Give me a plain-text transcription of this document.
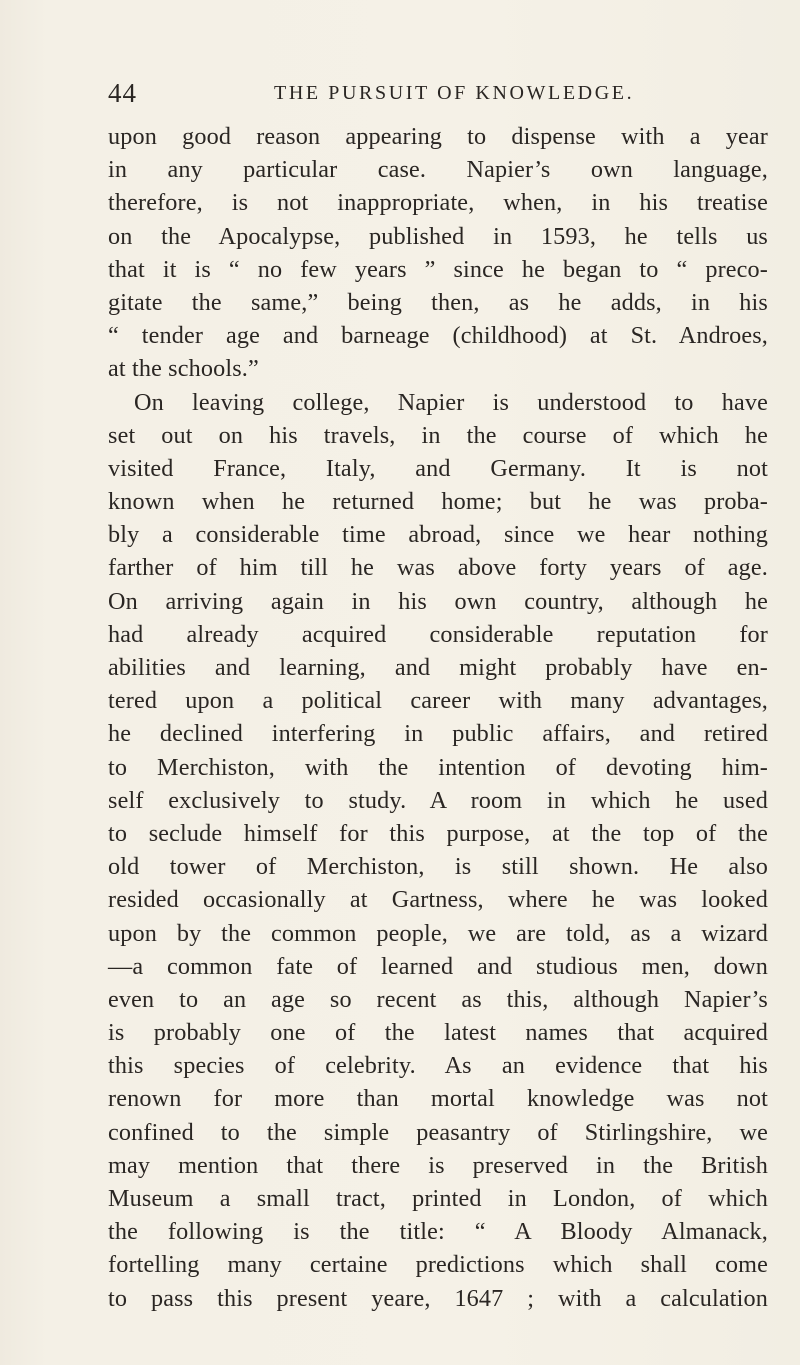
44	THE PURSUIT OF KNOWLEDGE.
upon good reason appearing to dispense with a year
in any particular case. Napier’s own language,
therefore, is not inappropriate, when, in his treatise
on the Apocalypse, published in 1593, he tells us
that it is “ no few years ” since he began to “ preco-
gitate the same,” being then, as he adds, in his
“ tender age and barneage (childhood) at St. Androes,
at the schools.”
On leaving college, Napier is understood to have
set out on his travels, in the course of which he
visited France, Italy, and Germany. It is not
known when he returned home; but he was proba-
bly a considerable time abroad, since we hear nothing
farther of him till he was above forty years of age.
On arriving again in his own country, although he
had already acquired considerable reputation for
abilities and learning, and might probably have en-
tered upon a political career with many advantages,
he declined interfering in public affairs, and retired
to Merchiston, with the intention of devoting him-
self exclusively to study. A room in which he used
to seclude himself for this purpose, at the top of the
old tower of Merchiston, is still shown. He also
resided occasionally at Gartness, where he was looked
upon by the common people, we are told, as a wizard
—a common fate of learned and studious men, down
even to an age so recent as this, although Napier’s
is probably one of the latest names that acquired
this species of celebrity. As an evidence that his
renown for more than mortal knowledge was not
confined to the simple peasantry of Stirlingshire, we
may mention that there is preserved in the British
Museum a small tract, printed in London, of which
the following is the title: “ A Bloody Almanack,
fortelling many certaine predictions which shall come
to pass this present yeare, 1647 ; with a calculation
